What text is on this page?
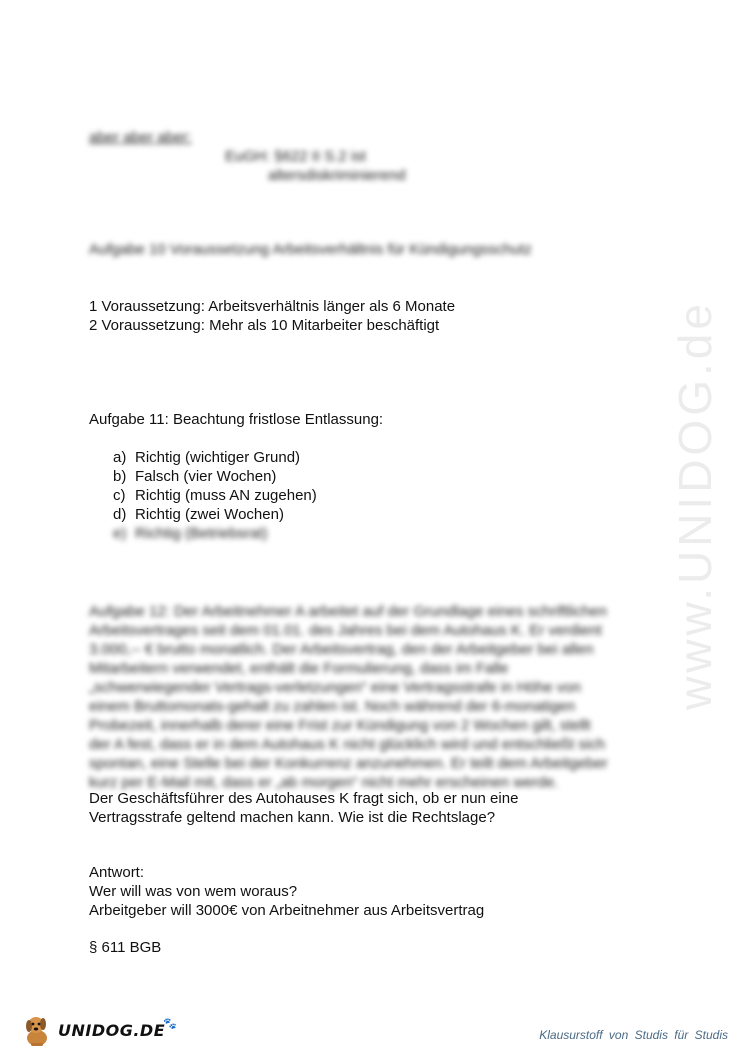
www.UNIDOG.de
aber aber aber:
EuGH: §622 II S.2 ist
altersdiskriminierend
Aufgabe 10 Voraussetzung Arbeitsverhältnis für Kündigungsschutz
1 Voraussetzung: Arbeitsverhältnis länger als 6 Monate
2 Voraussetzung: Mehr als 10 Mitarbeiter beschäftigt
Aufgabe 11: Beachtung fristlose Entlassung:
a) Richtig (wichtiger Grund)
b) Falsch (vier Wochen)
c) Richtig (muss AN zugehen)
d) Richtig (zwei Wochen)
e) Richtig (Betriebsrat)
Aufgabe 12: Der Arbeitnehmer A arbeitet auf der Grundlage eines schriftlichen
Arbeitsvertrages seit dem 01.01. des Jahres bei dem Autohaus K. Er verdient
3.000,-- € brutto monatlich. Der Arbeitsvertrag, den der Arbeitgeber bei allen
Mitarbeitern verwendet, enthält die Formulierung, dass im Falle
„schwerwiegender Vertrags-verletzungen“ eine Vertragsstrafe in Höhe von
einem Bruttomonats-gehalt zu zahlen ist. Noch während der 6-monatigen
Probezeit, innerhalb derer eine Frist zur Kündigung von 2 Wochen gilt, stellt
der A fest, dass er in dem Autohaus K nicht glücklich wird und entschließt sich
spontan, eine Stelle bei der Konkurrenz anzunehmen. Er teilt dem Arbeitgeber
kurz per E-Mail mit, dass er „ab morgen“ nicht mehr erscheinen werde.
Der Geschäftsführer des Autohauses K fragt sich, ob er nun eine
Vertragsstrafe geltend machen kann. Wie ist die Rechtslage?
Antwort:
Wer will was von wem woraus?
Arbeitgeber will 3000€ von Arbeitnehmer aus Arbeitsvertrag
§ 611 BGB
UNIDOG.DE
🐾
Klausurstoff von Studis für Studis
